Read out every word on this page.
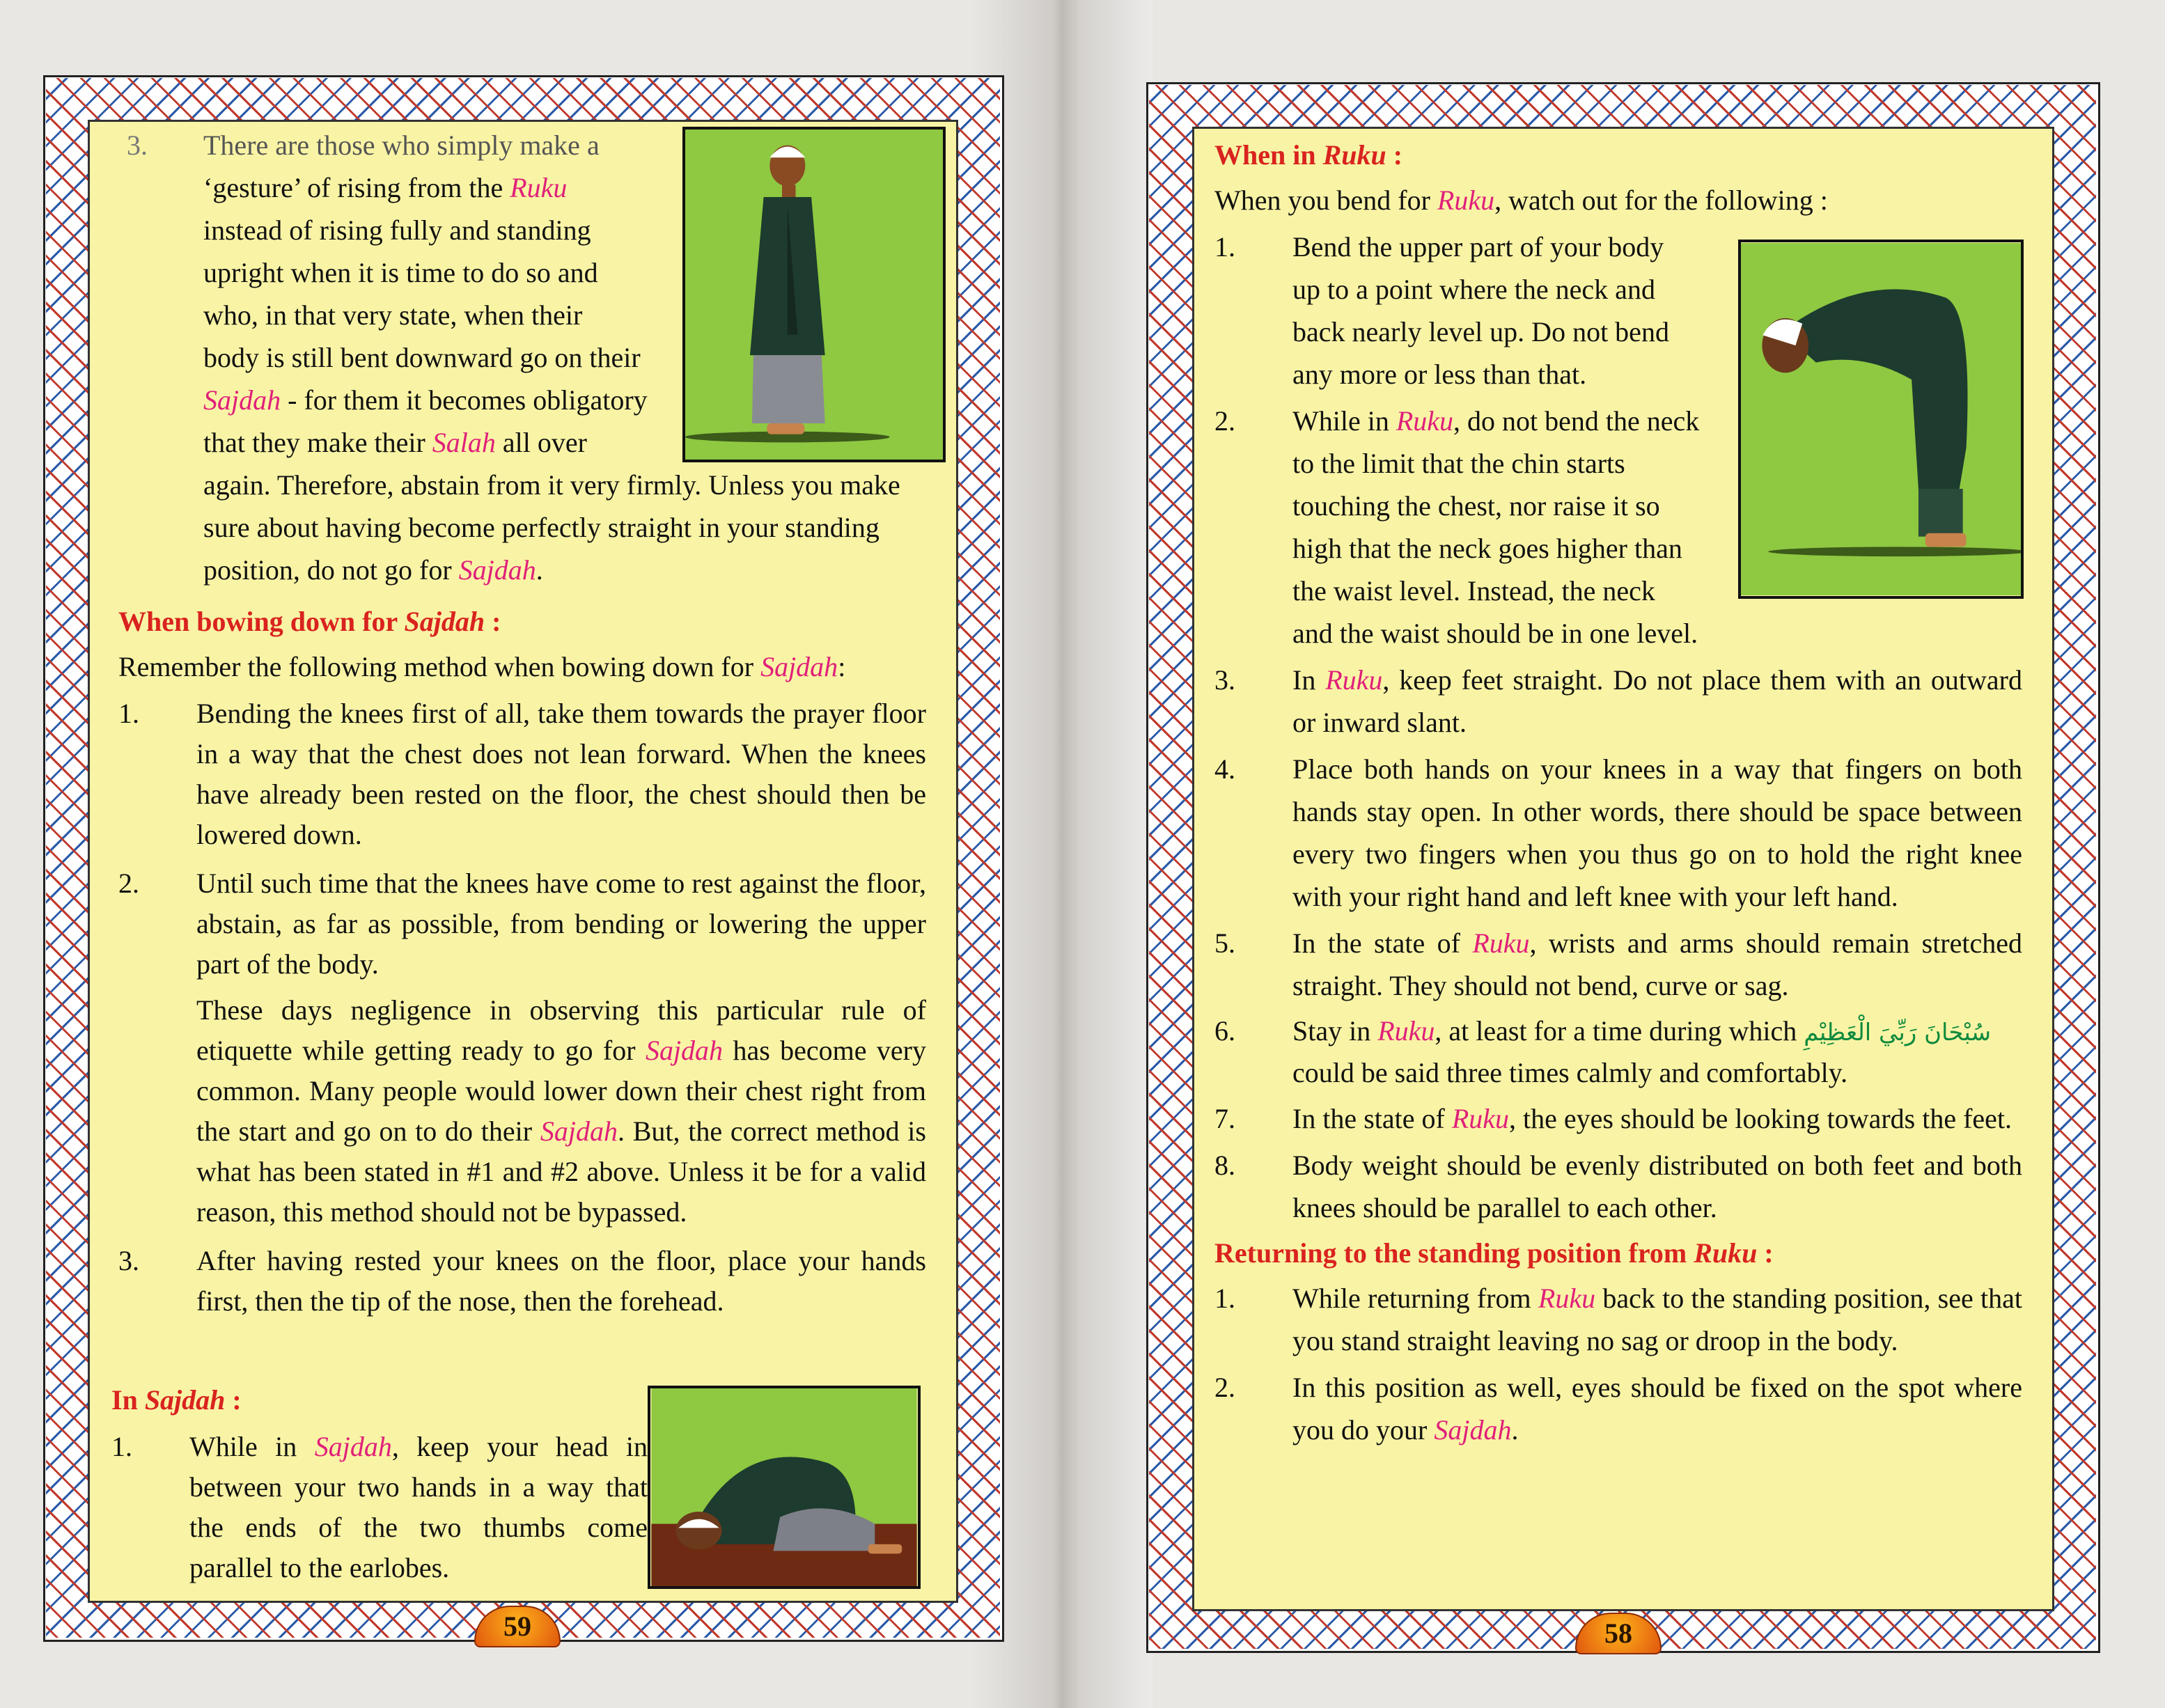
3. There are those who simply make a

‘gesture’ of rising from the Ruku

instead of rising fully and standing

upright when it is time to do so and

who, in that very state, when their

body is still bent downward go on their

Sajdah - for them it becomes obligatory

that they make their Salah all over

again. Therefore, abstain from it very firmly. Unless you make

sure about having become perfectly straight in your standing

position, do not go for Sajdah.

When bowing down for Sajdah :

Remember the following method when bowing down for Sajdah:

1. Bending the knees first of all, take them towards the prayer floor in a way that the chest does not lean forward. When the knees have already been rested on the floor, the chest should then be lowered down.
2. Until such time that the knees have come to rest against the floor, abstain, as far as possible, from bending or lowering the upper part of the body.
These days negligence in observing this particular rule of etiquette while getting ready to go for Sajdah has become very common. Many people would lower down their chest right from the start and go on to do their Sajdah. But, the correct method is what has been stated in #1 and #2 above. Unless it be for a valid reason, this method should not be bypassed.
3. After having rested your knees on the floor, place your hands first, then the tip of the nose, then the forehead.

In Sajdah :

1. While in Sajdah, keep your head in between your two hands in a way that the ends of the two thumbs come parallel to the earlobes.
59

When in Ruku :

When you bend for Ruku, watch out for the following :

1. Bend the upper part of your body

up to a point where the neck and

back nearly level up. Do not bend

any more or less than that.

2. While in Ruku, do not bend the neck

to the limit that the chin starts

touching the chest, nor raise it so

high that the neck goes higher than

the waist level. Instead, the neck

and the waist should be in one level.

3. In Ruku, keep feet straight. Do not place them with an outward or inward slant.
4. Place both hands on your knees in a way that fingers on both hands stay open. In other words, there should be space between every two fingers when you thus go on to hold the right knee with your right hand and left knee with your left hand.
5. In the state of Ruku, wrists and arms should remain stretched straight. They should not bend, curve or sag.
6. Stay in Ruku, at least for a time during which سُبْحَانَ رَبِّيَ الْعَظِيْمِ could be said three times calmly and comfortably.
7. In the state of Ruku, the eyes should be looking towards the feet.
8. Body weight should be evenly distributed on both feet and both knees should be parallel to each other.

Returning to the standing position from Ruku :

1. While returning from Ruku back to the standing position, see that you stand straight leaving no sag or droop in the body.
2. In this position as well, eyes should be fixed on the spot where you do your Sajdah.
58
